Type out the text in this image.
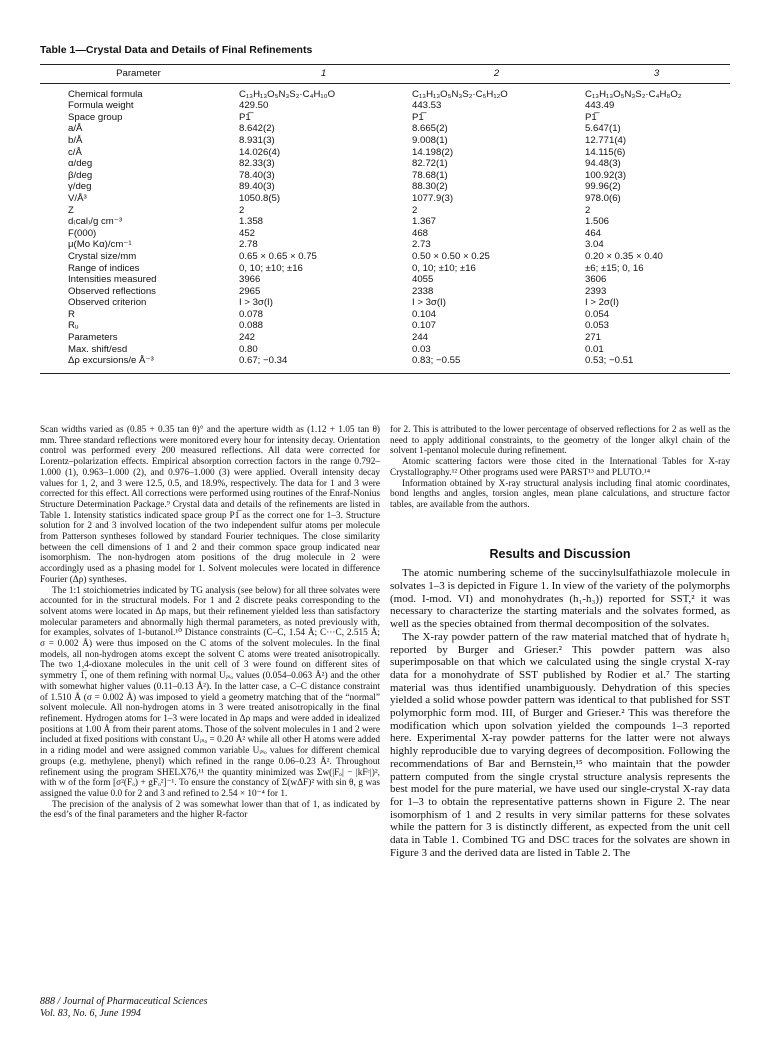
Table 1—Crystal Data and Details of Final Refinements
Parameter	1	2	3
Chemical formula	C₁₃H₁₃O₅N₃S₂·C₄H₁₀O	C₁₃H₁₃O₅N₃S₂·C₅H₁₂O	C₁₃H₁₃O₅N₃S₂·C₄H₈O₂
Formula weight	429.50	443.53	443.49
Space group	P1̅	P1̅	P1̅
a/Å	8.642(2)	8.665(2)	5.647(1)
b/Å	8.931(3)	9.008(1)	12.771(4)
c/Å	14.026(4)	14.198(2)	14.115(6)
α/deg	82.33(3)	82.72(1)	94.48(3)
β/deg	78.40(3)	78.68(1)	100.92(3)
γ/deg	89.40(3)	88.30(2)	99.96(2)
V/Å³	1050.8(5)	1077.9(3)	978.0(6)
Z	2	2	2
d₍cal₎/g cm⁻³	1.358	1.367	1.506
F(000)	452	468	464
μ(Mo Kα)/cm⁻¹	2.78	2.73	3.04
Crystal size/mm	0.65 × 0.65 × 0.75	0.50 × 0.50 × 0.25	0.20 × 0.35 × 0.40
Range of indices	0, 10; ±10; ±16	0, 10; ±10; ±16	±6; ±15; 0, 16
Intensities measured	3966	4055	3606
Observed reflections	2965	2338	2393
Observed criterion	I > 3σ(I)	I > 3σ(I)	I > 2σ(I)
R	0.078	0.104	0.054
Rᵤ	0.088	0.107	0.053
Parameters	242	244	271
Max. shift/esd	0.80	0.03	0.01
Δρ excursions/e Å⁻³	0.67; −0.34	0.83; −0.55	0.53; −0.51

Scan widths varied as (0.85 + 0.35 tan θ)° and the aperture width as (1.12 + 1.05 tan θ) mm. Three standard reflections were monitored every hour for intensity decay. Orientation control was performed every 200 measured reflections. All data were corrected for Lorentz–polarization effects. Empirical absorption correction factors in the range 0.792–1.000 (1), 0.963–1.000 (2), and 0.976–1.000 (3) were applied. Overall intensity decay values for 1, 2, and 3 were 12.5, 0.5, and 18.9%, respectively. The data for 1 and 3 were corrected for this effect. All corrections were performed using routines of the Enraf-Nonius Structure Determination Package.⁹ Crystal data and details of the refinements are listed in Table 1. Intensity statistics indicated space group P1̅ as the correct one for 1–3. Structure solution for 2 and 3 involved location of the two independent sulfur atoms per molecule from Patterson syntheses followed by standard Fourier techniques. The close similarity between the cell dimensions of 1 and 2 and their common space group indicated near isomorphism. The non-hydrogen atom positions of the drug molecule in 2 were accordingly used as a phasing model for 1. Solvent molecules were located in difference Fourier (Δρ) syntheses.

The 1:1 stoichiometries indicated by TG analysis (see below) for all three solvates were accounted for in the structural models. For 1 and 2 discrete peaks corresponding to the solvent atoms were located in Δρ maps, but their refinement yielded less than satisfactory molecular parameters and abnormally high thermal parameters, as noted previously with, for examples, solvates of 1-butanol.¹⁰ Distance constraints (C–C, 1.54 Å; C···C, 2.515 Å; σ = 0.002 Å) were thus imposed on the C atoms of the solvent molecules. In the final models, all non-hydrogen atoms except the solvent C atoms were treated anisotropically. The two 1,4-dioxane molecules in the unit cell of 3 were found on different sites of symmetry 1̅, one of them refining with normal Uᵢₛₒ values (0.054–0.063 Å²) and the other with somewhat higher values (0.11–0.13 Å²). In the latter case, a C–C distance constraint of 1.510 Å (σ = 0.002 Å) was imposed to yield a geometry matching that of the “normal” solvent molecule. All non-hydrogen atoms in 3 were treated anisotropically in the final refinement. Hydrogen atoms for 1–3 were located in Δρ maps and were added in idealized positions at 1.00 Å from their parent atoms. Those of the solvent molecules in 1 and 2 were included at fixed positions with constant Uᵢₛₒ = 0.20 Å² while all other H atoms were added in a riding model and were assigned common variable Uᵢₛₒ values for different chemical groups (e.g. methylene, phenyl) which refined in the range 0.06–0.23 Å². Throughout refinement using the program SHELX76,¹¹ the quantity minimized was Σw(|Fₒ| − |kFᶜ|)², with w of the form [σ²(Fₒ) + gFₒ²]⁻¹. To ensure the constancy of Σ(wΔF)² with sin θ, g was assigned the value 0.0 for 2 and 3 and refined to 2.54 × 10⁻⁴ for 1.

The precision of the analysis of 2 was somewhat lower than that of 1, as indicated by the esd’s of the final parameters and the higher R-factor

for 2. This is attributed to the lower percentage of observed reflections for 2 as well as the need to apply additional constraints, to the geometry of the longer alkyl chain of the solvent 1-pentanol molecule during refinement.

Atomic scattering factors were those cited in the International Tables for X-ray Crystallography.¹² Other programs used were PARST¹³ and PLUTO.¹⁴

Information obtained by X-ray structural analysis including final atomic coordinates, bond lengths and angles, torsion angles, mean plane calculations, and structure factor tables, are available from the authors.

Results and Discussion

The atomic numbering scheme of the succinylsulfathiazole molecule in solvates 1–3 is depicted in Figure 1. In view of the variety of the polymorphs (mod. I-mod. VI) and monohydrates (h₁-h₃)) reported for SST,² it was necessary to characterize the starting materials and the solvates formed, as well as the species obtained from thermal decomposition of the solvates.

The X-ray powder pattern of the raw material matched that of hydrate h₁ reported by Burger and Grieser.² This powder pattern was also superimposable on that which we calculated using the single crystal X-ray data for a monohydrate of SST published by Rodier et al.⁷ The starting material was thus identified unambiguously. Dehydration of this species yielded a solid whose powder pattern was identical to that published for SST polymorphic form mod. III, of Burger and Grieser.² This was therefore the modification which upon solvation yielded the compounds 1–3 reported here. Experimental X-ray powder patterns for the latter were not always highly reproducible due to varying degrees of decomposition. Following the recommendations of Bar and Bernstein,¹⁵ who maintain that the powder pattern computed from the single crystal structure analysis represents the best model for the pure material, we have used our single-crystal X-ray data for 1–3 to obtain the representative patterns shown in Figure 2. The near isomorphism of 1 and 2 results in very similar patterns for these solvates while the pattern for 3 is distinctly different, as expected from the unit cell data in Table 1. Combined TG and DSC traces for the solvates are shown in Figure 3 and the derived data are listed in Table 2. The

888 / Journal of Pharmaceutical Sciences
Vol. 83, No. 6, June 1994
